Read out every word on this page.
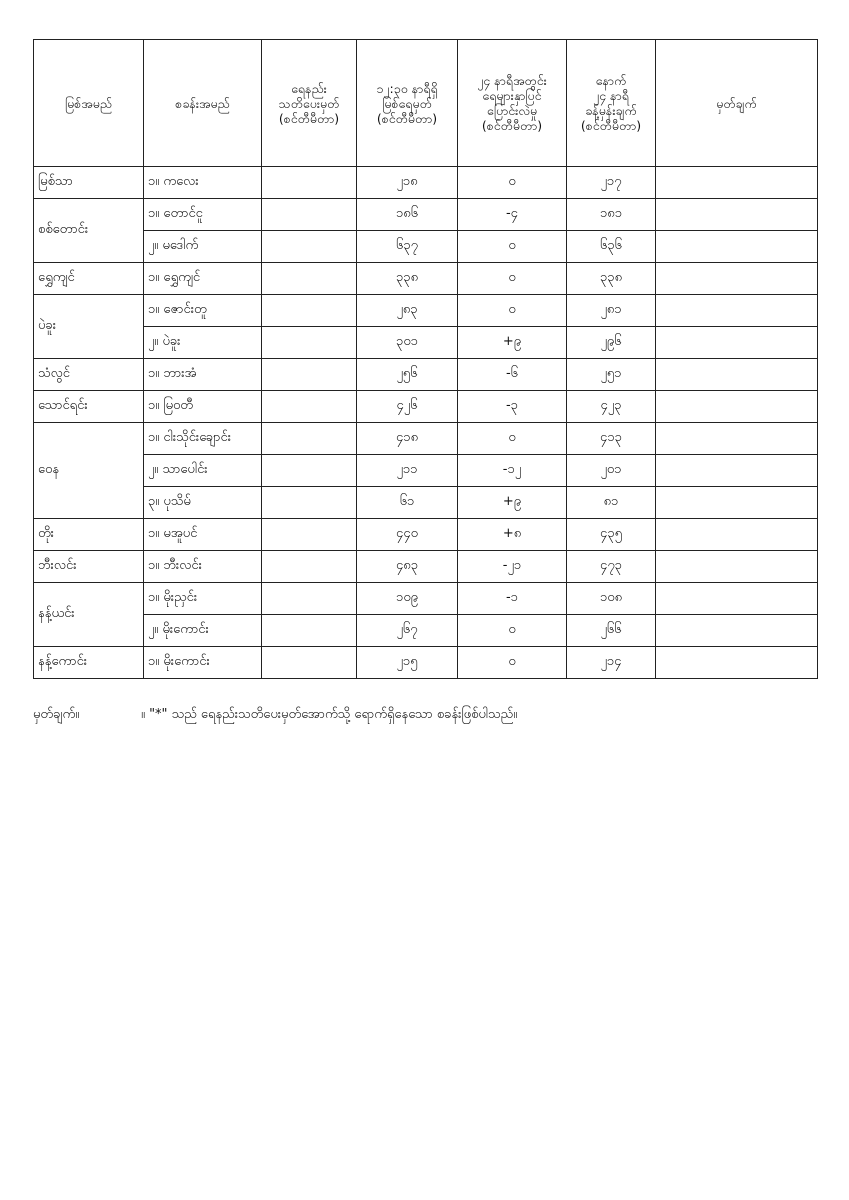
မြစ်အမည်	စခန်းအမည်	ရေနည်း
သတိပေးမှတ်
(စင်တီမီတာ)	၁၂:၃၀ နာရီရှိ
မြစ်ရေမှတ်
(စင်တီမီတာ)	၂၄ နာရီအတွင်း
ရေများနှာပြင်
ပြောင်းလဲမှု
(စင်တီမီတာ)	နောက်
၂၄ နာရီ
ခန့်မှန်းချက်
(စင်တီမီတာ)	မှတ်ချက်
မြစ်သာ	၁။ ကလေး		၂၁၈	၀	၂၁၇	
စစ်တောင်း	၁။ တောင်ငူ		၁၈၆	-၄	၁၈၁	
	၂။ မဒေါက်		၆၃၇	၀	၆၃၆	
ရွှေကျင်	၁။ ရွှေကျင်		၃၃၈	၀	၃၃၈	
ပဲခူး	၁။ ဇောင်းတူ		၂၈၃	၀	၂၈၁	
	၂။ ပဲခူး		၃၀၁	+၉	၂၉၆	
သံလွင်	၁။ ဘားအံ		၂၅၆	-၆	၂၅၁	
သောင်ရင်း	၁။ မြဝတီ		၄၂၆	-၃	၄၂၃	
ဝေန	၁။ ငါးသိုင်းချောင်း		၄၁၈	၀	၄၁၃	
	၂။ သာပေါင်း		၂၁၁	-၁၂	၂၀၁	
	၃။ ပုသိမ်		၆၁	+၉	၈၁	
တိုး	၁။ မအူပင်		၄၄၀	+၈	၄၃၅	
ဘီးလင်း	၁။ ဘီးလင်း		၄၈၃	-၂၁	၄၇၃	
နန့်ယင်း	၁။ မိုးညှင်း		၁၀၉	-၁	၁၀၈	
	၂။ မိုးကောင်း		၂၆၇	၀	၂၆၆	
နန့်ကောင်း	၁။ မိုးကောင်း		၂၁၅	၀	၂၁၄	
မှတ်ချက်။	။ "*" သည် ရေနည်းသတိပေးမှတ်အောက်သို့ ရောက်ရှိနေသော စခန်းဖြစ်ပါသည်။
